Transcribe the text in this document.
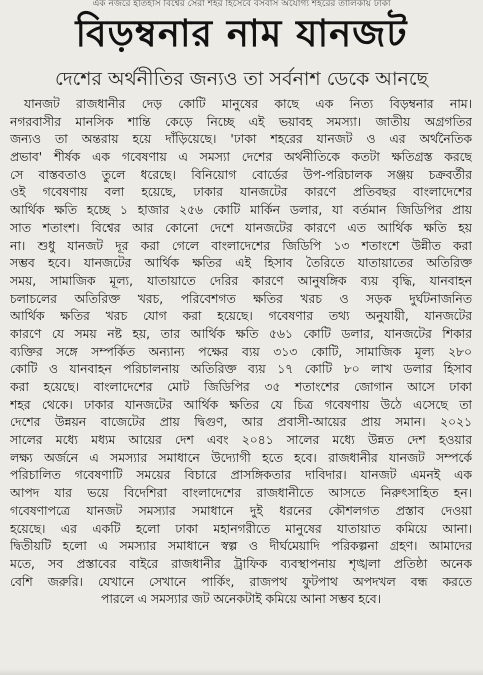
এক নজরে ইতিহাস বিশ্বের সেরা শহর হিসেবে বসবাস অযোগ্য শহরের তালিকায় ঢাকা
বিড়ম্বনার নাম যানজট
দেশের অর্থনীতির জন্যও তা সর্বনাশ ডেকে আনছে
যানজট রাজধানীর দেড় কোটি মানুষের কাছে এক নিত্য বিড়ম্বনার নাম।
নগরবাসীর মানসিক শান্তি কেড়ে নিচ্ছে এই ভয়াবহ সমস্যা। জাতীয় অগ্রগতির
জন্যও তা অন্তরায় হয়ে দাঁড়িয়েছে। 'ঢাকা শহরের যানজট ও এর অর্থনৈতিক
প্রভাব' শীর্ষক এক গবেষণায় এ সমস্যা দেশের অর্থনীতিকে কতটা ক্ষতিগ্রস্ত করছে
সে বাস্তবতাও তুলে ধরেছে। বিনিয়োগ বোর্ডের উপ-পরিচালক সঞ্জয় চক্রবর্তীর
ওই গবেষণায় বলা হয়েছে, ঢাকার যানজটের কারণে প্রতিবছর বাংলাদেশের
আর্থিক ক্ষতি হচ্ছে ১ হাজার ২৫৬ কোটি মার্কিন ডলার, যা বর্তমান জিডিপির প্রায়
সাত শতাংশ। বিশ্বের আর কোনো দেশে যানজটের কারণে এত আর্থিক ক্ষতি হয়
না। শুধু যানজট দূর করা গেলে বাংলাদেশের জিডিপি ১৩ শতাংশে উন্নীত করা
সম্ভব হবে। যানজটের আর্থিক ক্ষতির এই হিসাব তৈরিতে যাতায়াতের অতিরিক্ত
সময়, সামাজিক মূল্য, যাতায়াতে দেরির কারণে আনুষঙ্গিক ব্যয় বৃদ্ধি, যানবাহন
চলাচলের অতিরিক্ত খরচ, পরিবেশগত ক্ষতির খরচ ও সড়ক দুর্ঘটনাজনিত
আর্থিক ক্ষতির খরচ যোগ করা হয়েছে। গবেষণার তথ্য অনুযায়ী, যানজটের
কারণে যে সময় নষ্ট হয়, তার আর্থিক ক্ষতি ৫৬১ কোটি ডলার, যানজটের শিকার
ব্যক্তির সঙ্গে সম্পর্কিত অন্যান্য পক্ষের ব্যয় ৩১৩ কোটি, সামাজিক মূল্য ২৮০
কোটি ও যানবাহন পরিচালনায় অতিরিক্ত ব্যয় ১৭ কোটি ৮০ লাখ ডলার হিসাব
করা হয়েছে। বাংলাদেশের মোট জিডিপির ৩৫ শতাংশের জোগান আসে ঢাকা
শহর থেকে। ঢাকার যানজটের আর্থিক ক্ষতির যে চিত্র গবেষণায় উঠে এসেছে তা
দেশের উন্নয়ন বাজেটের প্রায় দ্বিগুণ, আর প্রবাসী-আয়ের প্রায় সমান। ২০২১
সালের মধ্যে মধ্যম আয়ের দেশ এবং ২০৪১ সালের মধ্যে উন্নত দেশ হওয়ার
লক্ষ্য অর্জনে এ সমস্যার সমাধানে উদ্যোগী হতে হবে। রাজধানীর যানজট সম্পর্কে
পরিচালিত গবেষণাটি সময়ের বিচারে প্রাসঙ্গিকতার দাবিদার। যানজট এমনই এক
আপদ যার ভয়ে বিদেশিরা বাংলাদেশের রাজধানীতে আসতে নিরুৎসাহিত হন।
গবেষণাপত্রে যানজট সমস্যার সমাধানে দুই ধরনের কৌশলগত প্রস্তাব দেওয়া
হয়েছে। এর একটি হলো ঢাকা মহানগরীতে মানুষের যাতায়াত কমিয়ে আনা।
দ্বিতীয়টি হলো এ সমস্যার সমাধানে স্বল্প ও দীর্ঘমেয়াদি পরিকল্পনা গ্রহণ। আমাদের
মতে, সব প্রস্তাবের বাইরে রাজধানীর ট্রাফিক ব্যবস্থাপনায় শৃঙ্খলা প্রতিষ্ঠা অনেক
বেশি জরুরি। যেখানে সেখানে পার্কিং, রাজপথ ফুটপাথ অপদখল বন্ধ করতে
পারলে এ সমস্যার জট অনেকটাই কমিয়ে আনা সম্ভব হবে।
